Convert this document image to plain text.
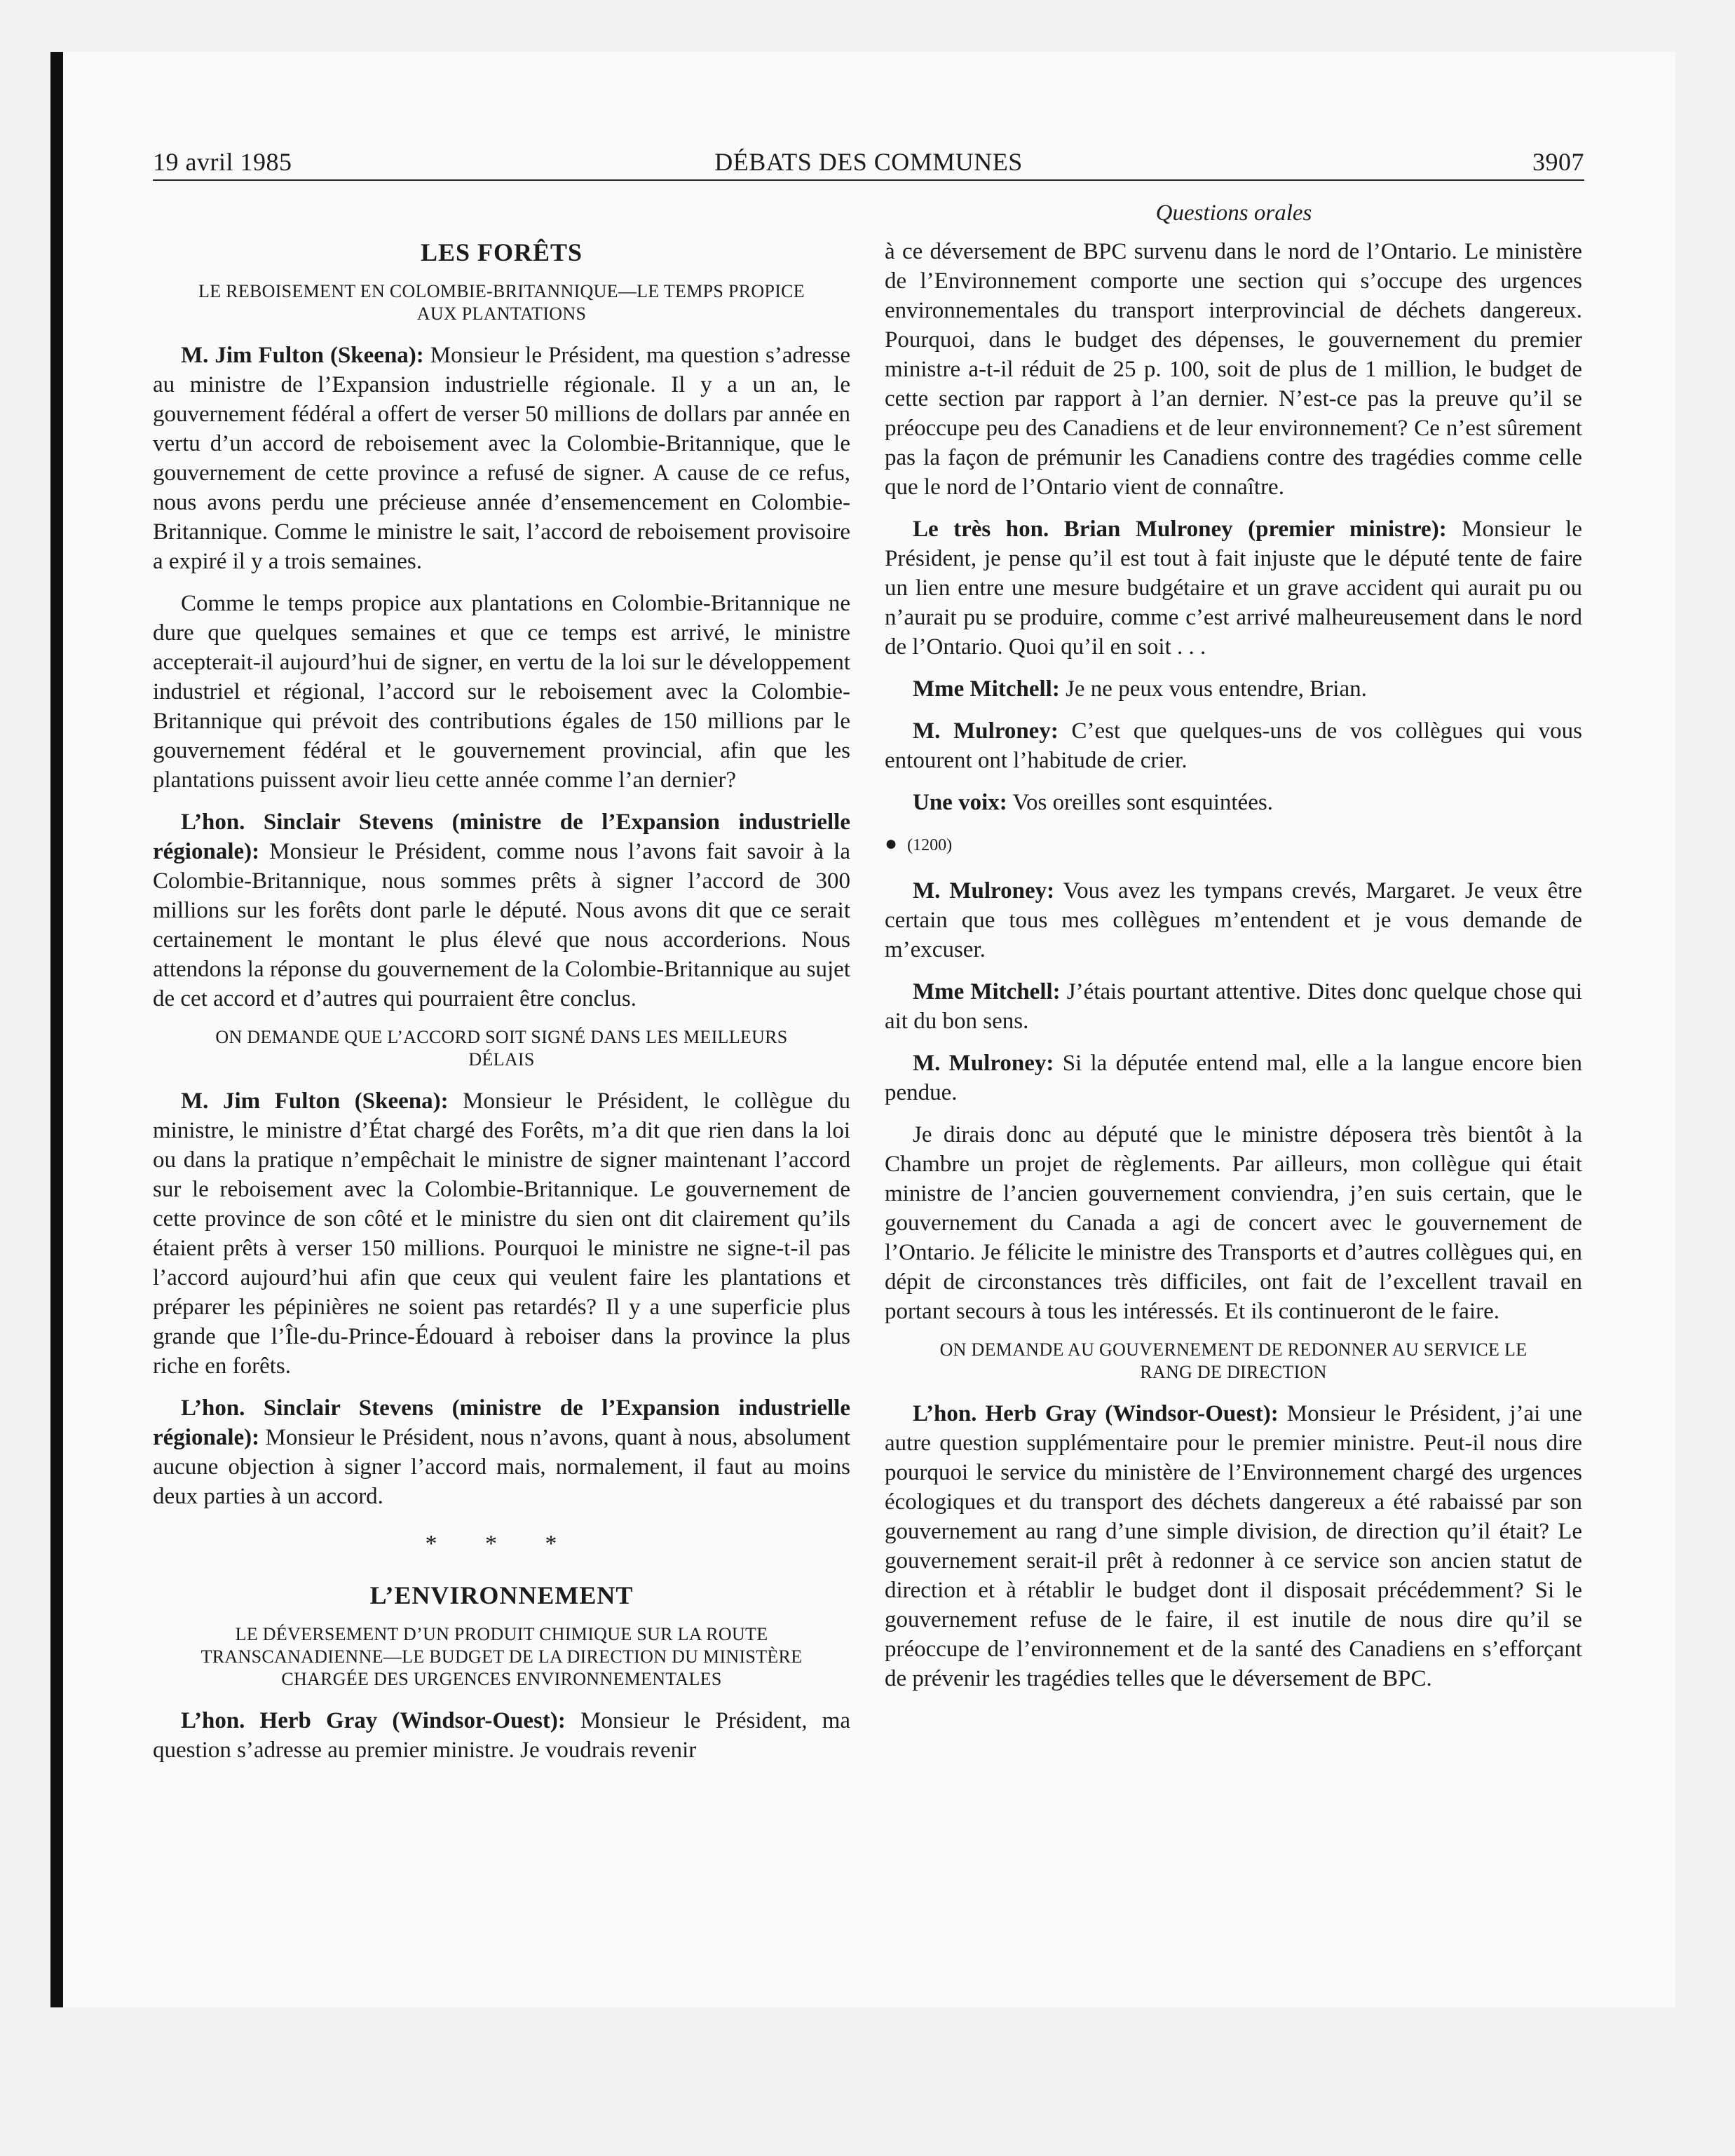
19 avril 1985	DÉBATS DES COMMUNES	3907
Questions orales
LES FORÊTS
LE REBOISEMENT EN COLOMBIE-BRITANNIQUE—LE TEMPS PROPICE AUX PLANTATIONS

M. Jim Fulton (Skeena): Monsieur le Président, ma question s’adresse au ministre de l’Expansion industrielle régionale. Il y a un an, le gouvernement fédéral a offert de verser 50 millions de dollars par année en vertu d’un accord de reboisement avec la Colombie-Britannique, que le gouvernement de cette province a refusé de signer. A cause de ce refus, nous avons perdu une précieuse année d’ensemencement en Colombie-Britannique. Comme le ministre le sait, l’accord de reboisement provisoire a expiré il y a trois semaines.

Comme le temps propice aux plantations en Colombie-Britannique ne dure que quelques semaines et que ce temps est arrivé, le ministre accepterait-il aujourd’hui de signer, en vertu de la loi sur le développement industriel et régional, l’accord sur le reboisement avec la Colombie-Britannique qui prévoit des contributions égales de 150 millions par le gouvernement fédéral et le gouvernement provincial, afin que les plantations puissent avoir lieu cette année comme l’an dernier?

L’hon. Sinclair Stevens (ministre de l’Expansion industrielle régionale): Monsieur le Président, comme nous l’avons fait savoir à la Colombie-Britannique, nous sommes prêts à signer l’accord de 300 millions sur les forêts dont parle le député. Nous avons dit que ce serait certainement le montant le plus élevé que nous accorderions. Nous attendons la réponse du gouvernement de la Colombie-Britannique au sujet de cet accord et d’autres qui pourraient être conclus.

ON DEMANDE QUE L’ACCORD SOIT SIGNÉ DANS LES MEILLEURS DÉLAIS

M. Jim Fulton (Skeena): Monsieur le Président, le collègue du ministre, le ministre d’État chargé des Forêts, m’a dit que rien dans la loi ou dans la pratique n’empêchait le ministre de signer maintenant l’accord sur le reboisement avec la Colombie-Britannique. Le gouvernement de cette province de son côté et le ministre du sien ont dit clairement qu’ils étaient prêts à verser 150 millions. Pourquoi le ministre ne signe-t-il pas l’accord aujourd’hui afin que ceux qui veulent faire les plantations et préparer les pépinières ne soient pas retardés? Il y a une superficie plus grande que l’Île-du-Prince-Édouard à reboiser dans la province la plus riche en forêts.

L’hon. Sinclair Stevens (ministre de l’Expansion industrielle régionale): Monsieur le Président, nous n’avons, quant à nous, absolument aucune objection à signer l’accord mais, normalement, il faut au moins deux parties à un accord.

* * *
L’ENVIRONNEMENT
LE DÉVERSEMENT D’UN PRODUIT CHIMIQUE SUR LA ROUTE TRANSCANADIENNE—LE BUDGET DE LA DIRECTION DU MINISTÈRE CHARGÉE DES URGENCES ENVIRONNEMENTALES

L’hon. Herb Gray (Windsor-Ouest): Monsieur le Président, ma question s’adresse au premier ministre. Je voudrais revenir

à ce déversement de BPC survenu dans le nord de l’Ontario. Le ministère de l’Environnement comporte une section qui s’occupe des urgences environnementales du transport interprovincial de déchets dangereux. Pourquoi, dans le budget des dépenses, le gouvernement du premier ministre a-t-il réduit de 25 p. 100, soit de plus de 1 million, le budget de cette section par rapport à l’an dernier. N’est-ce pas la preuve qu’il se préoccupe peu des Canadiens et de leur environnement? Ce n’est sûrement pas la façon de prémunir les Canadiens contre des tragédies comme celle que le nord de l’Ontario vient de connaître.

Le très hon. Brian Mulroney (premier ministre): Monsieur le Président, je pense qu’il est tout à fait injuste que le député tente de faire un lien entre une mesure budgétaire et un grave accident qui aurait pu ou n’aurait pu se produire, comme c’est arrivé malheureusement dans le nord de l’Ontario. Quoi qu’il en soit . . .

Mme Mitchell: Je ne peux vous entendre, Brian.

M. Mulroney: C’est que quelques-uns de vos collègues qui vous entourent ont l’habitude de crier.

Une voix: Vos oreilles sont esquintées.

● (1200)

M. Mulroney: Vous avez les tympans crevés, Margaret. Je veux être certain que tous mes collègues m’entendent et je vous demande de m’excuser.

Mme Mitchell: J’étais pourtant attentive. Dites donc quelque chose qui ait du bon sens.

M. Mulroney: Si la députée entend mal, elle a la langue encore bien pendue.

Je dirais donc au député que le ministre déposera très bientôt à la Chambre un projet de règlements. Par ailleurs, mon collègue qui était ministre de l’ancien gouvernement conviendra, j’en suis certain, que le gouvernement du Canada a agi de concert avec le gouvernement de l’Ontario. Je félicite le ministre des Transports et d’autres collègues qui, en dépit de circonstances très difficiles, ont fait de l’excellent travail en portant secours à tous les intéressés. Et ils continueront de le faire.

ON DEMANDE AU GOUVERNEMENT DE REDONNER AU SERVICE LE RANG DE DIRECTION

L’hon. Herb Gray (Windsor-Ouest): Monsieur le Président, j’ai une autre question supplémentaire pour le premier ministre. Peut-il nous dire pourquoi le service du ministère de l’Environnement chargé des urgences écologiques et du transport des déchets dangereux a été rabaissé par son gouvernement au rang d’une simple division, de direction qu’il était? Le gouvernement serait-il prêt à redonner à ce service son ancien statut de direction et à rétablir le budget dont il disposait précédemment? Si le gouvernement refuse de le faire, il est inutile de nous dire qu’il se préoccupe de l’environnement et de la santé des Canadiens en s’efforçant de prévenir les tragédies telles que le déversement de BPC.
